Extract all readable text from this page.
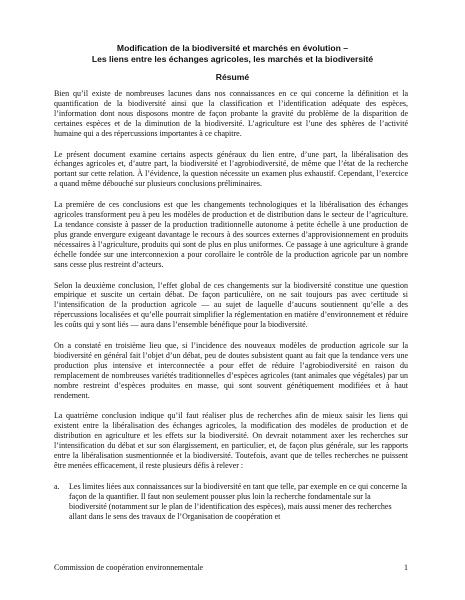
Modification de la biodiversité et marchés en évolution –
Les liens entre les échanges agricoles, les marchés et la biodiversité
Résumé

Bien qu’il existe de nombreuses lacunes dans nos connaissances en ce qui concerne la définition et la quantification de la biodiversité ainsi que la classification et l’identification adéquate des espèces, l’information dont nous disposons montre de façon probante la gravité du problème de la disparition de certaines espèces et de la diminution de la biodiversité. L’agriculture est l’une des sphères de l’activité humaine qui a des répercussions importantes à ce chapitre.

Le présent document examine certains aspects généraux du lien entre, d’une part, la libéralisation des échanges agricoles et, d’autre part, la biodiversité et l’agrobiodiversité, de même que l’état de la recherche portant sur cette relation. À l’évidence, la question nécessite un examen plus exhaustif. Cependant, l’exercice a quand même débouché sur plusieurs conclusions préliminaires.

La première de ces conclusions est que les changements technologiques et la libéralisation des échanges agricoles transforment peu à peu les modèles de production et de distribution dans le secteur de l’agriculture. La tendance consiste à passer de la production traditionnelle autonome à petite échelle à une production de plus grande envergure exigeant davantage le recours à des sources externes d’approvisionnement en produits nécessaires à l’agriculture, produits qui sont de plus en plus uniformes. Ce passage à une agriculture à grande échelle fondée sur une interconnexion a pour corollaire le contrôle de la production agricole par un nombre sans cesse plus restreint d’acteurs.

Selon la deuxième conclusion, l’effet global de ces changements sur la biodiversité constitue une question empirique et suscite un certain débat. De façon particulière, on ne sait toujours pas avec certitude si l’intensification de la production agricole — au sujet de laquelle d’aucuns soutiennent qu’elle a des répercussions localisées et qu’elle pourrait simplifier la réglementation en matière d’environnement et réduire les coûts qui y sont liés — aura dans l’ensemble bénéfique pour la biodiversité.

On a constaté en troisième lieu que, si l’incidence des nouveaux modèles de production agricole sur la biodiversité en général fait l’objet d’un débat, peu de doutes subsistent quant au fait que la tendance vers une production plus intensive et interconnectée a pour effet de réduire l’agrobiodiversité en raison du remplacement de nombreuses variétés traditionnelles d’espèces agricoles (tant animales que végétales) par un nombre restreint d’espèces produites en masse, qui sont souvent génétiquement modifiées et à haut rendement.

La quatrième conclusion indique qu’il faut réaliser plus de recherches afin de mieux saisir les liens qui existent entre la libéralisation des échanges agricoles, la modification des modèles de production et de distribution en agriculture et les effets sur la biodiversité. On devrait notamment axer les recherches sur l’intensification du débat et sur son élargissement, en particulier, et, de façon plus générale, sur les rapports entre la libéralisation susmentionnée et la biodiversité. Toutefois, avant que de telles recherches ne puissent être menées efficacement, il reste plusieurs défis à relever :

a.	Les limites liées aux connaissances sur la biodiversité en tant que telle, par exemple en ce qui concerne la façon de la quantifier. Il faut non seulement pousser plus loin la recherche fondamentale sur la biodiversité (notamment sur le plan de l’identification des espèces), mais aussi mener des recherches allant dans le sens des travaux de l’Organisation de coopération et
Commission de coopération environnementale	1
